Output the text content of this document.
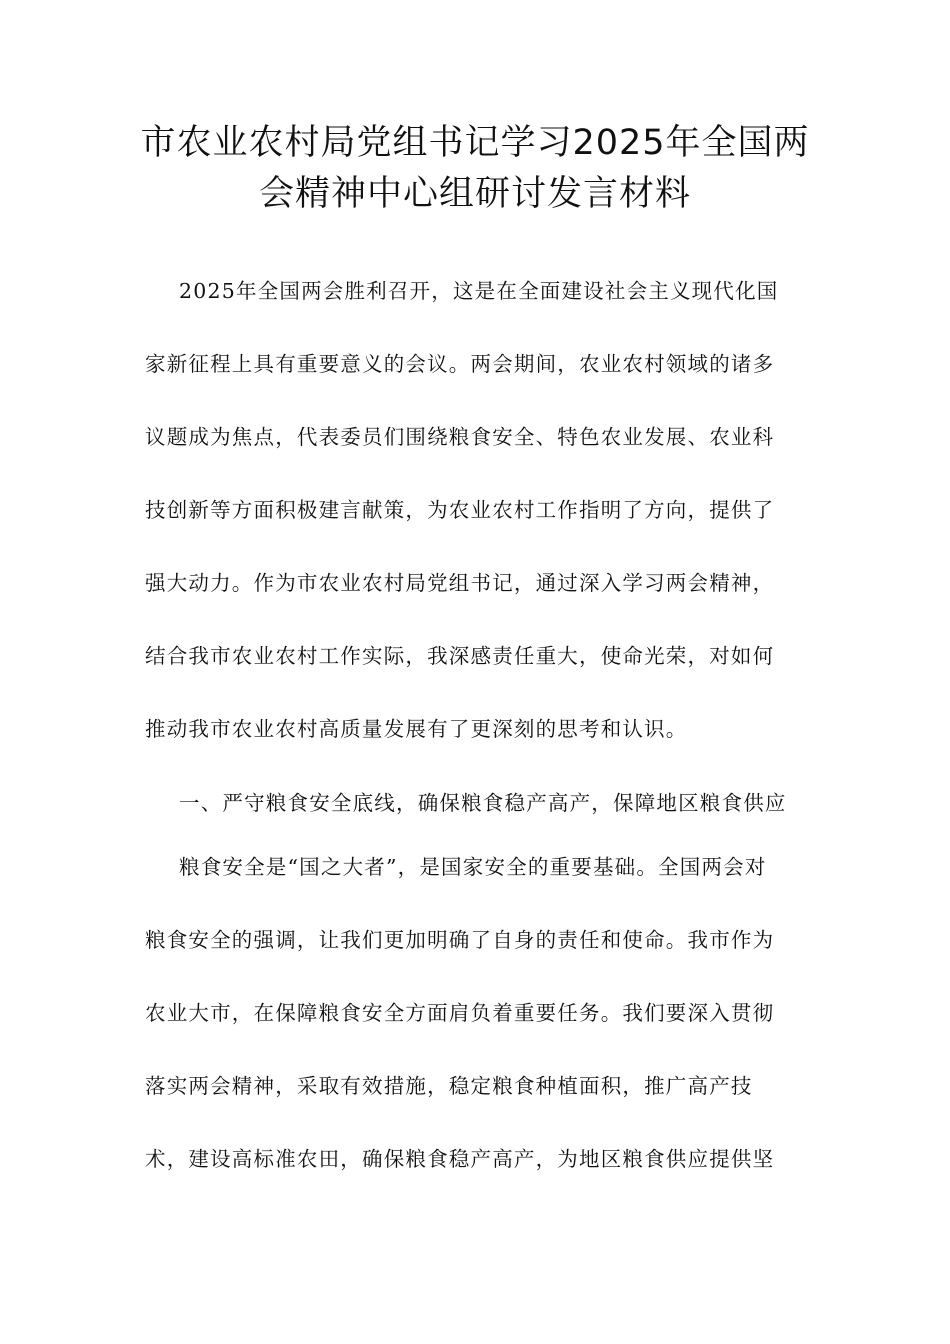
市农业农村局党组书记学习2025年全国两
会精神中心组研讨发言材料

2025年全国两会胜利召开，这是在全面建设社会主义现代化国
家新征程上具有重要意义的会议。两会期间，农业农村领域的诸多
议题成为焦点，代表委员们围绕粮食安全、特色农业发展、农业科
技创新等方面积极建言献策，为农业农村工作指明了方向，提供了
强大动力。作为市农业农村局党组书记，通过深入学习两会精神，
结合我市农业农村工作实际，我深感责任重大，使命光荣，对如何
推动我市农业农村高质量发展有了更深刻的思考和认识。

一、严守粮食安全底线，确保粮食稳产高产，保障地区粮食供应

粮食安全是“国之大者”，是国家安全的重要基础。全国两会对
粮食安全的强调，让我们更加明确了自身的责任和使命。我市作为
农业大市，在保障粮食安全方面肩负着重要任务。我们要深入贯彻
落实两会精神，采取有效措施，稳定粮食种植面积，推广高产技
术，建设高标准农田，确保粮食稳产高产，为地区粮食供应提供坚
